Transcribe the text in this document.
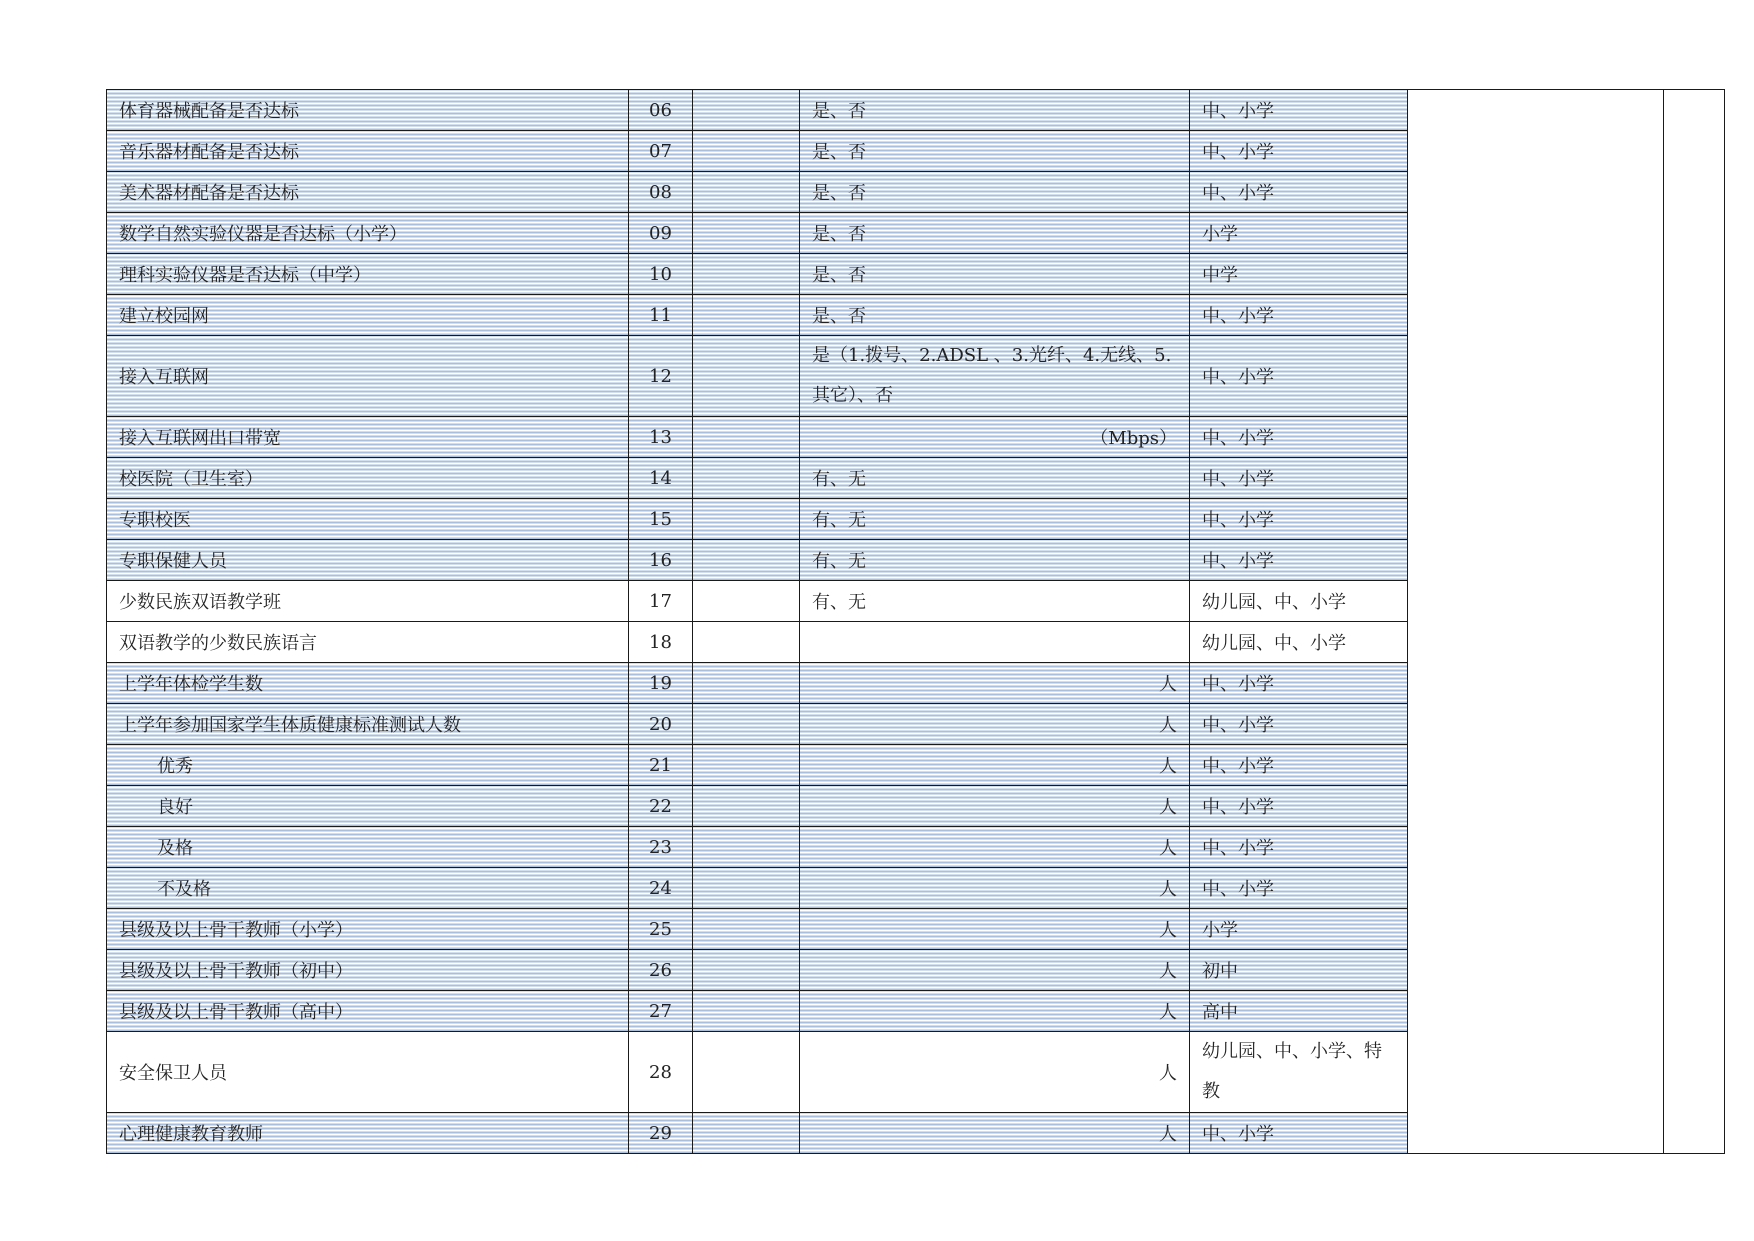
体育器械配备是否达标	06		是、否	中、小学		
音乐器材配备是否达标	07		是、否	中、小学		
美术器材配备是否达标	08		是、否	中、小学		
数学自然实验仪器是否达标（小学）	09		是、否	小学		
理科实验仪器是否达标（中学）	10		是、否	中学		
建立校园网	11		是、否	中、小学		
接入互联网	12		是（1.拨号、2.ADSL 、3.光纤、4.无线、5.其它）、否	中、小学		
接入互联网出口带宽	13		（Mbps）	中、小学		
校医院（卫生室）	14		有、无	中、小学		
专职校医	15		有、无	中、小学		
专职保健人员	16		有、无	中、小学		
少数民族双语教学班	17		有、无	幼儿园、中、小学		
双语教学的少数民族语言	18			幼儿园、中、小学		
上学年体检学生数	19		人	中、小学		
上学年参加国家学生体质健康标准测试人数	20		人	中、小学		
优秀	21		人	中、小学		
良好	22		人	中、小学		
及格	23		人	中、小学		
不及格	24		人	中、小学		
县级及以上骨干教师（小学）	25		人	小学		
县级及以上骨干教师（初中）	26		人	初中		
县级及以上骨干教师（高中）	27		人	高中		
安全保卫人员	28		人	幼儿园、中、小学、特教		
心理健康教育教师	29		人	中、小学		
